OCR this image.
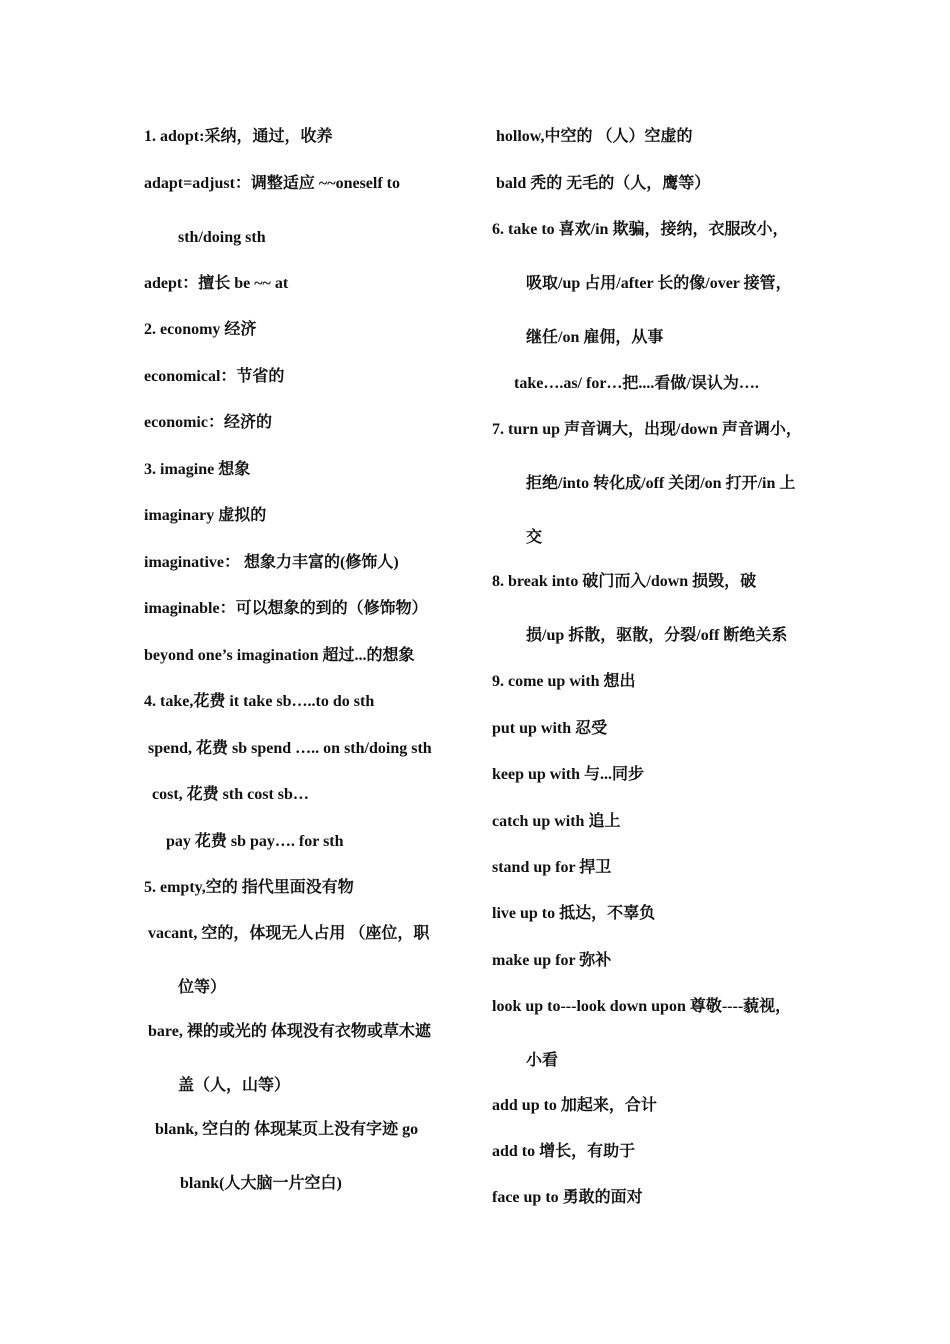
1. adopt:采纳，通过，收养
adapt=adjust：调整适应 ~~oneself to
sth/doing sth
adept：擅长 be ~~ at
2. economy 经济
economical：节省的
economic：经济的
3. imagine 想象
imaginary 虚拟的
imaginative： 想象力丰富的(修饰人)
imaginable：可以想象的到的（修饰物）
beyond one’s imagination 超过...的想象
4. take,花费 it take sb…..to do sth
spend, 花费 sb spend ….. on sth/doing sth
cost, 花费 sth cost sb…
pay 花费 sb pay…. for sth
5. empty,空的 指代里面没有物
vacant, 空的，体现无人占用 （座位，职
位等）
bare, 裸的或光的 体现没有衣物或草木遮
盖（人，山等）
blank, 空白的 体现某页上没有字迹 go
blank(人大脑一片空白)
hollow,中空的 （人）空虚的
bald 秃的 无毛的（人，鹰等）
6. take to 喜欢/in 欺骗，接纳，衣服改小，
吸取/up 占用/after 长的像/over 接管，
继任/on 雇佣，从事
take….as/ for…把....看做/误认为….
7. turn up 声音调大，出现/down 声音调小，
拒绝/into 转化成/off 关闭/on 打开/in 上
交
8. break into 破门而入/down 损毁，破
损/up 拆散，驱散，分裂/off 断绝关系
9. come up with 想出
put up with 忍受
keep up with 与...同步
catch up with 追上
stand up for 捍卫
live up to 抵达，不辜负
make up for 弥补
look up to---look down upon 尊敬----藐视，
小看
add up to 加起来，合计
add to 增长，有助于
face up to 勇敢的面对
